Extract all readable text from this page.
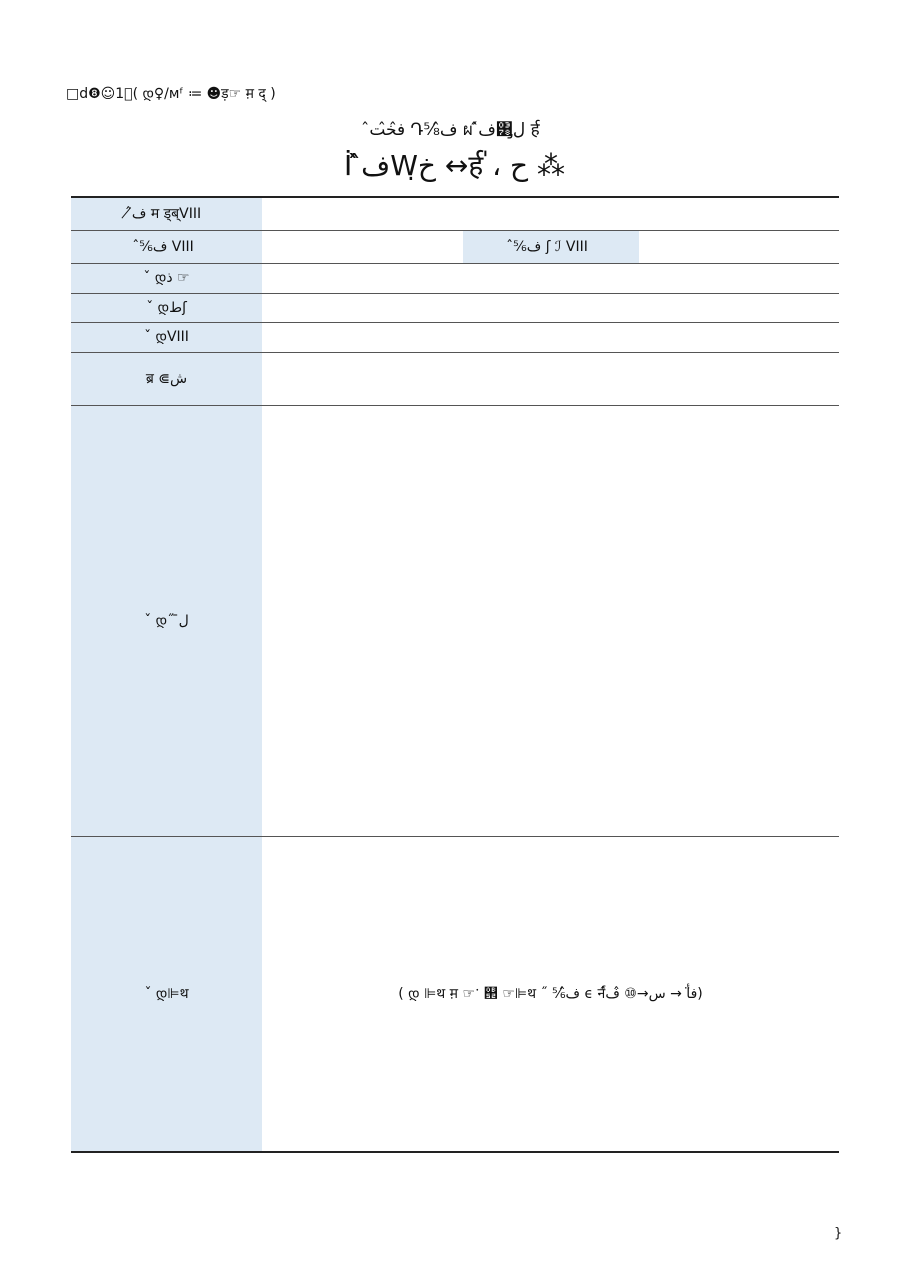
□d❽☺1ᷟ( დ♀/мᶠ ≔ ☻ड़☞ म़ द् )
̂ف̂خ̂ت Դ⅝̂ف ผ ̂ف́͸ل̡ र्ह
İ ̂ف̀Wخ̣ ↔र्ह॑ ، ح ⁂
̂ف̸ म ड्ब्VIII	
⅚̂ف VIII	
		⅚̂ف ʃ ℐ VIII	

ˇ დذ ☞	
ˇ დطʃ	
ˇ დVIII	
ब्र ⋐ش	
ˇ დ˝ ل̄	
ˇ დ⊫थ	( დ ⊫थ म़ ☞ॱ ୒ ☞⊫थ ˝ ⅚̂ف ϵ र्न̂ف̈أ → س→⑩ ̂ف)
}
